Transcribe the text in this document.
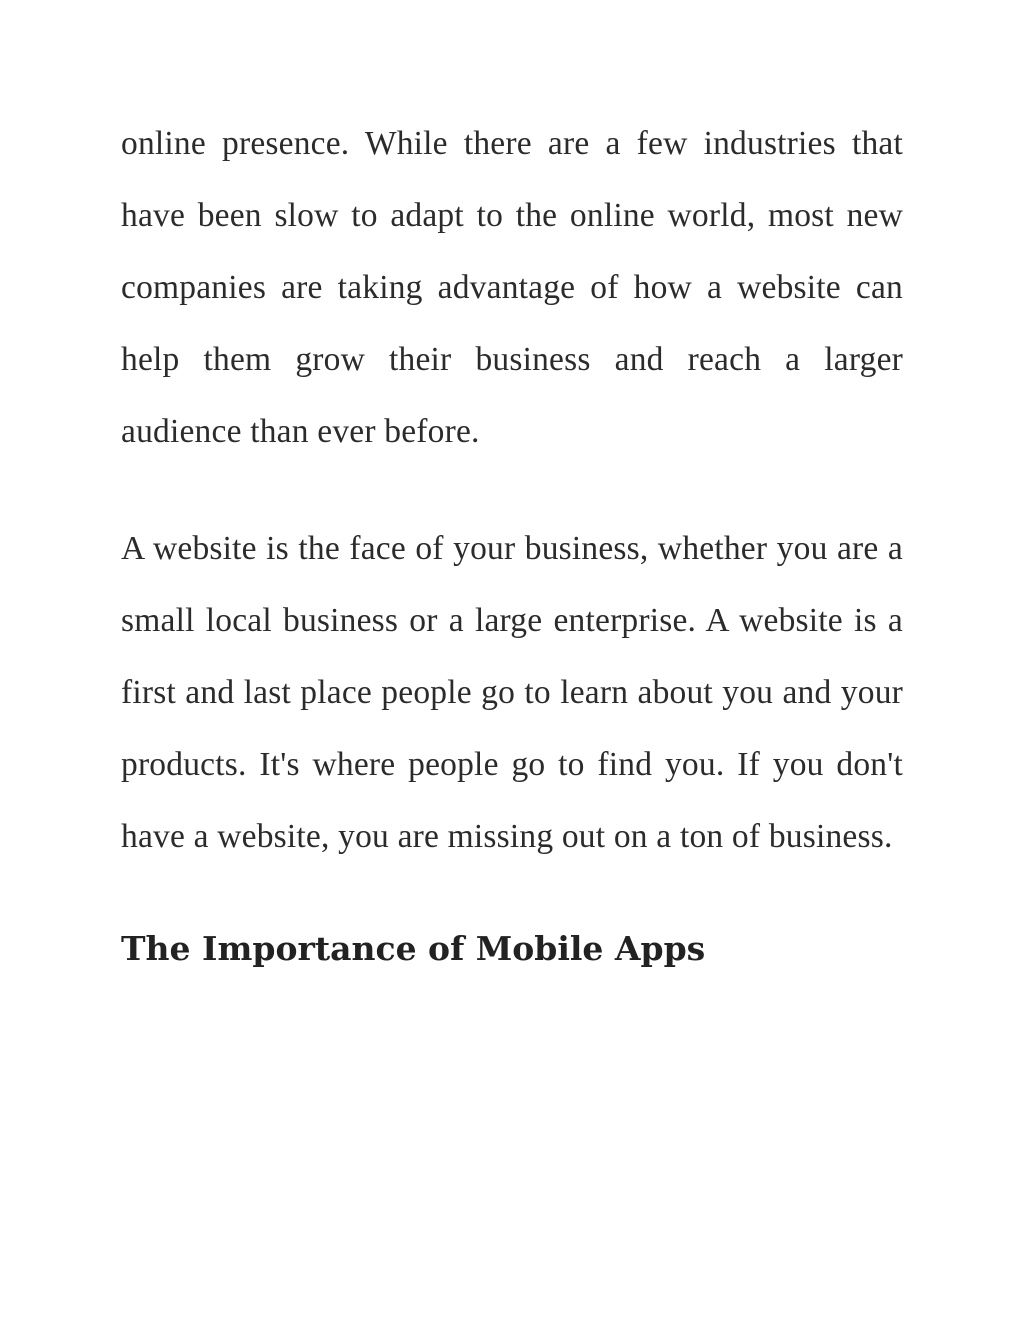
online presence. While there are a few industries that have been slow to adapt to the online world, most new companies are taking advantage of how a website can help them grow their business and reach a larger audience than ever before.

A website is the face of your business, whether you are a small local business or a large enterprise. A website is a first and last place people go to learn about you and your products. It's where people go to find you. If you don't have a website, you are missing out on a ton of business.

The Importance of Mobile Apps
